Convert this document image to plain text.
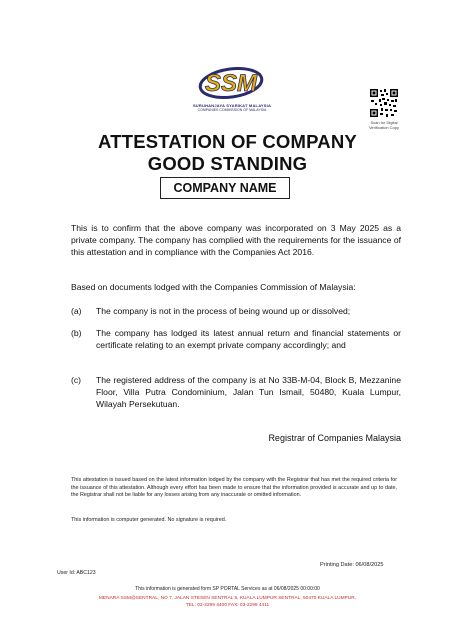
SSM
SURUHANJAYA SYARIKAT MALAYSIA
COMPANIES COMMISSION OF MALAYSIA
Scan for Digital Verification Copy
ATTESTATION OF COMPANY
GOOD STANDING
COMPANY NAME
This is to confirm that the above company was incorporated on 3 May 2025 as a private company. The company has complied with the requirements for the issuance of this attestation and in compliance with the Companies Act 2016.
Based on documents lodged with the Companies Commission of Malaysia:
(a) The company is not in the process of being wound up or dissolved;
(b) The company has lodged its latest annual return and financial statements or certificate relating to an exempt private company accordingly; and
(c) The registered address of the company is at No 33B-M-04, Block B, Mezzanine Floor, Villa Putra Condominium, Jalan Tun Ismail, 50480, Kuala Lumpur, Wilayah Persekutuan.
Registrar of Companies Malaysia
This attestation is issued based on the latest information lodged by the company with the Registrar that has met the required criteria for the issuance of this attestation. Although every effort has been made to ensure that the information provided is accurate and up to date, the Registrar shall not be liable for any losses arising from any inaccurate or omitted information.
This information is computer generated. No signature is required.
Printing Date: 06/08/2025
User Id: ABC123
This information is generated form SP PORTAL Services as at 06/08/2025 00:00:00
MENARA SSM@SENTRAL, NO 7, JALAN STESEN SENTRAL 5, KUALA LUMPUR SENTRAL, 50470 KUALA LUMPUR.
TEL: 03-2299 4400 FAX: 03-2299 4411
